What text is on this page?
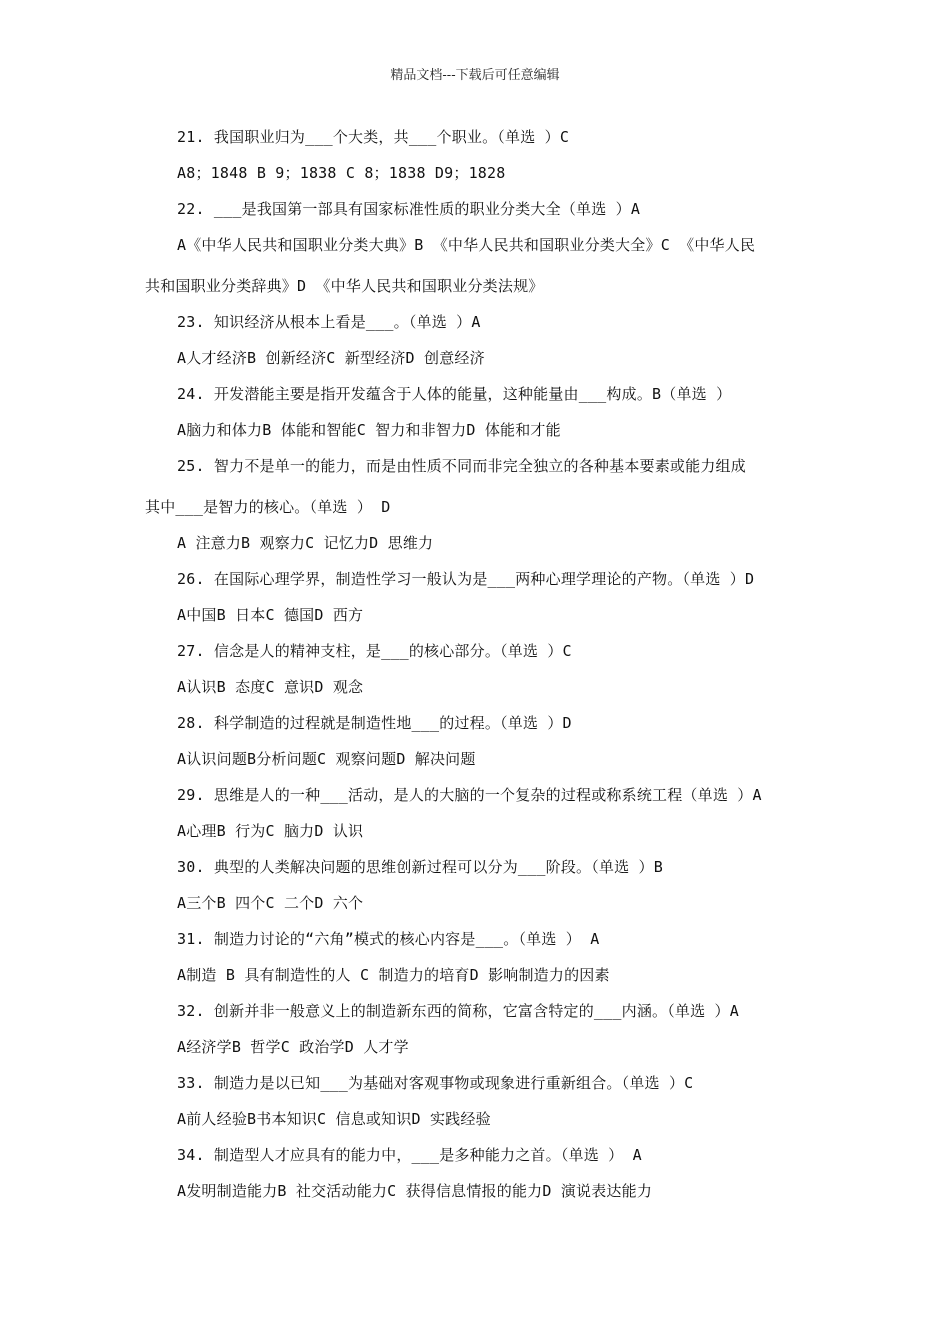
精品文档---下载后可任意编辑
21. 我国职业归为___个大类，共___个职业。（单选 ）C
A8；1848 B 9；1838 C 8；1838 D9；1828
22. ___是我国第一部具有国家标准性质的职业分类大全（单选 ）A
A《中华人民共和国职业分类大典》B 《中华人民共和国职业分类大全》C 《中华人民
共和国职业分类辞典》D 《中华人民共和国职业分类法规》
23. 知识经济从根本上看是___。（单选 ）A
A人才经济B 创新经济C 新型经济D 创意经济
24. 开发潜能主要是指开发蕴含于人体的能量，这种能量由___构成。B（单选 ）
A脑力和体力B 体能和智能C 智力和非智力D 体能和才能
25. 智力不是单一的能力，而是由性质不同而非完全独立的各种基本要素或能力组成
其中___是智力的核心。（单选 ） D
A 注意力B 观察力C 记忆力D 思维力
26. 在国际心理学界，制造性学习一般认为是___两种心理学理论的产物。（单选 ）D
A中国B 日本C 德国D 西方
27. 信念是人的精神支柱，是___的核心部分。（单选 ）C
A认识B 态度C 意识D 观念
28. 科学制造的过程就是制造性地___的过程。（单选 ）D
A认识问题B分析问题C 观察问题D 解决问题
29. 思维是人的一种___活动，是人的大脑的一个复杂的过程或称系统工程（单选 ）A
A心理B 行为C 脑力D 认识
30. 典型的人类解决问题的思维创新过程可以分为___阶段。（单选 ）B
A三个B 四个C 二个D 六个
31. 制造力讨论的“六角”模式的核心内容是___。（单选 ） A
A制造 B 具有制造性的人 C 制造力的培育D 影响制造力的因素
32. 创新并非一般意义上的制造新东西的简称，它富含特定的___内涵。（单选 ）A
A经济学B 哲学C 政治学D 人才学
33. 制造力是以已知___为基础对客观事物或现象进行重新组合。（单选 ）C
A前人经验B书本知识C 信息或知识D 实践经验
34. 制造型人才应具有的能力中，___是多种能力之首。（单选 ） A
A发明制造能力B 社交活动能力C 获得信息情报的能力D 演说表达能力
